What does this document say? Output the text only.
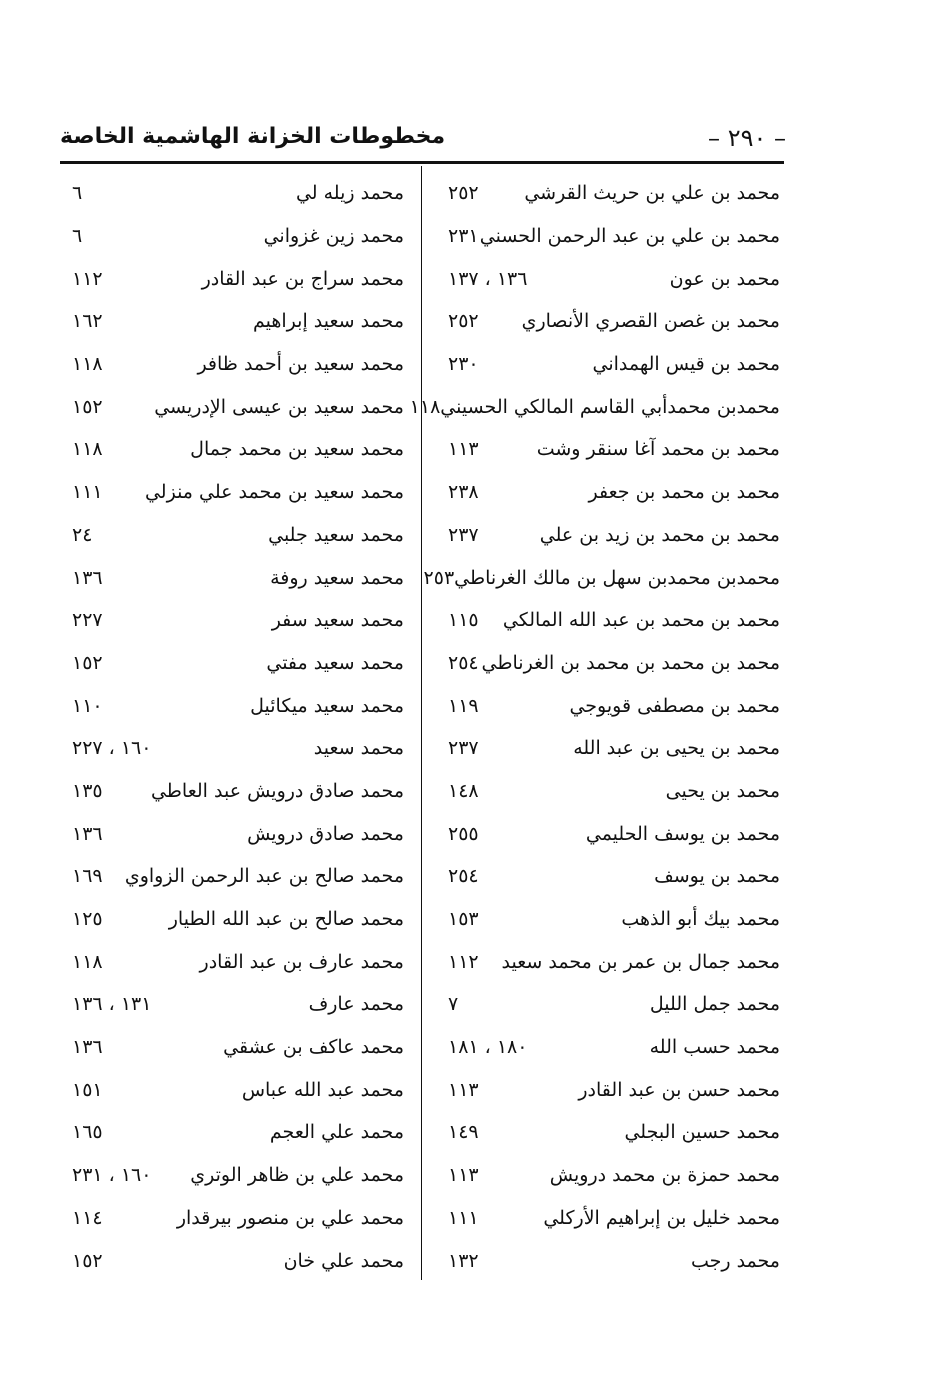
مخطوطات الخزانة الهاشمية الخاصة	– ٢٩٠ –
محمد بن علي بن حريث القرشي
٢٥٢
محمد بن علي بن عبد الرحمن الحسني
٢٣١
محمد بن عون
١٣٦ ، ١٣٧
محمد بن غصن القصري الأنصاري
٢٥٢
محمد بن قيس الهمداني
٢٣٠
محمدبن محمدأبي القاسم المالكي الحسيني
١١٨
محمد بن محمد آغا سنقر وشت
١١٣
محمد بن محمد بن جعفر
٢٣٨
محمد بن محمد بن زيد بن علي
٢٣٧
محمدبن محمدبن سهل بن مالك الغرناطي
٢٥٣
محمد بن محمد بن عبد الله المالكي
١١٥
محمد بن محمد بن محمد بن الغرناطي
٢٥٤
محمد بن مصطفى قويوجي
١١٩
محمد بن يحيى بن عبد الله
٢٣٧
محمد بن يحيى
١٤٨
محمد بن يوسف الحليمي
٢٥٥
محمد بن يوسف
٢٥٤
محمد بيك أبو الذهب
١٥٣
محمد جمال بن عمر بن محمد سعيد
١١٢
محمد جمل الليل
٧
محمد حسب الله
١٨٠ ، ١٨١
محمد حسن بن عبد القادر
١١٣
محمد حسين البجلي
١٤٩
محمد حمزة بن محمد درويش
١١٣
محمد خليل بن إبراهيم الأركلي
١١١
محمد رجب
١٣٢
محمد زيله لي
٦
محمد زين غزواني
٦
محمد سراج بن عبد القادر
١١٢
محمد سعيد إبراهيم
١٦٢
محمد سعيد بن أحمد ظافر
١١٨
محمد سعيد بن عيسى الإدريسي
١٥٢
محمد سعيد بن محمد جمال
١١٨
محمد سعيد بن محمد علي منزلي
١١١
محمد سعيد جلبي
٢٤
محمد سعيد روفة
١٣٦
محمد سعيد سفر
٢٢٧
محمد سعيد مفتي
١٥٢
محمد سعيد ميكائيل
١١٠
محمد سعيد
١٦٠ ، ٢٢٧
محمد صادق درويش عبد العاطي
١٣٥
محمد صادق درويش
١٣٦
محمد صالح بن عبد الرحمن الزواوي
١٦٩
محمد صالح بن عبد الله الطيار
١٢٥
محمد عارف بن عبد القادر
١١٨
محمد عارف
١٣١ ، ١٣٦
محمد عاكف بن عشقي
١٣٦
محمد عبد الله عباس
١٥١
محمد علي العجم
١٦٥
محمد علي بن ظاهر الوتري
١٦٠ ، ٢٣١
محمد علي بن منصور بيرقدار
١١٤
محمد علي خان
١٥٢
